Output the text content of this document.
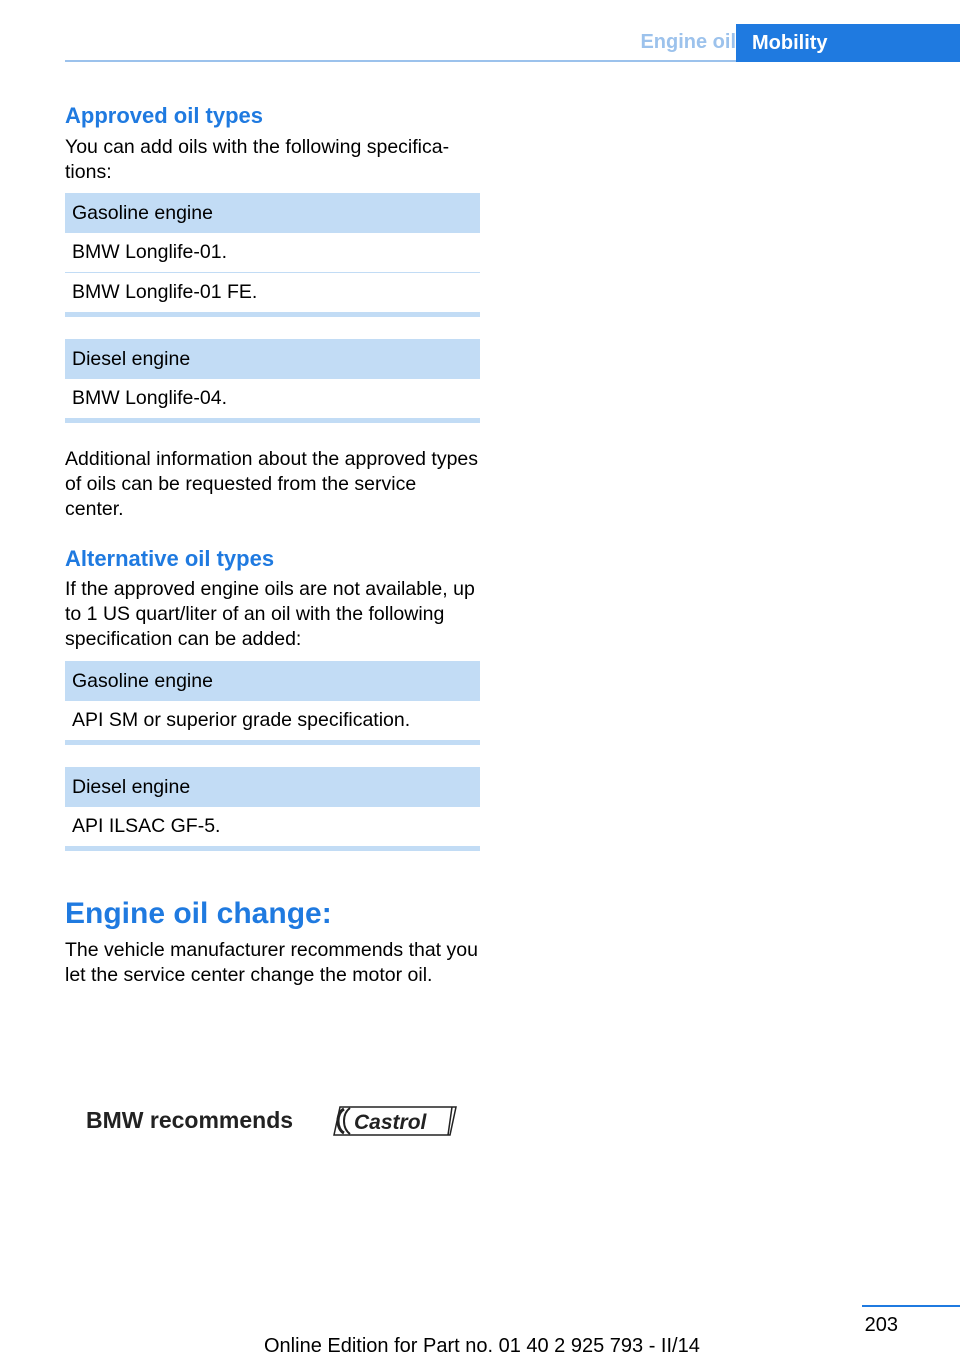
Engine oil Mobility
Approved oil types

You can add oils with the following specifica-
tions:

Gasoline engine
BMW Longlife-01.
BMW Longlife-01 FE.
Diesel engine
BMW Longlife-04.

Additional information about the approved types of oils can be requested from the service center.

Alternative oil types

If the approved engine oils are not available, up to 1 US quart/liter of an oil with the following specification can be added:

Gasoline engine
API SM or superior grade specification.
Diesel engine
API ILSAC GF-5.
Engine oil change:

The vehicle manufacturer recommends that you let the service center change the motor oil.

BMW recommends	Castrol
203
Online Edition for Part no. 01 40 2 925 793 - II/14
